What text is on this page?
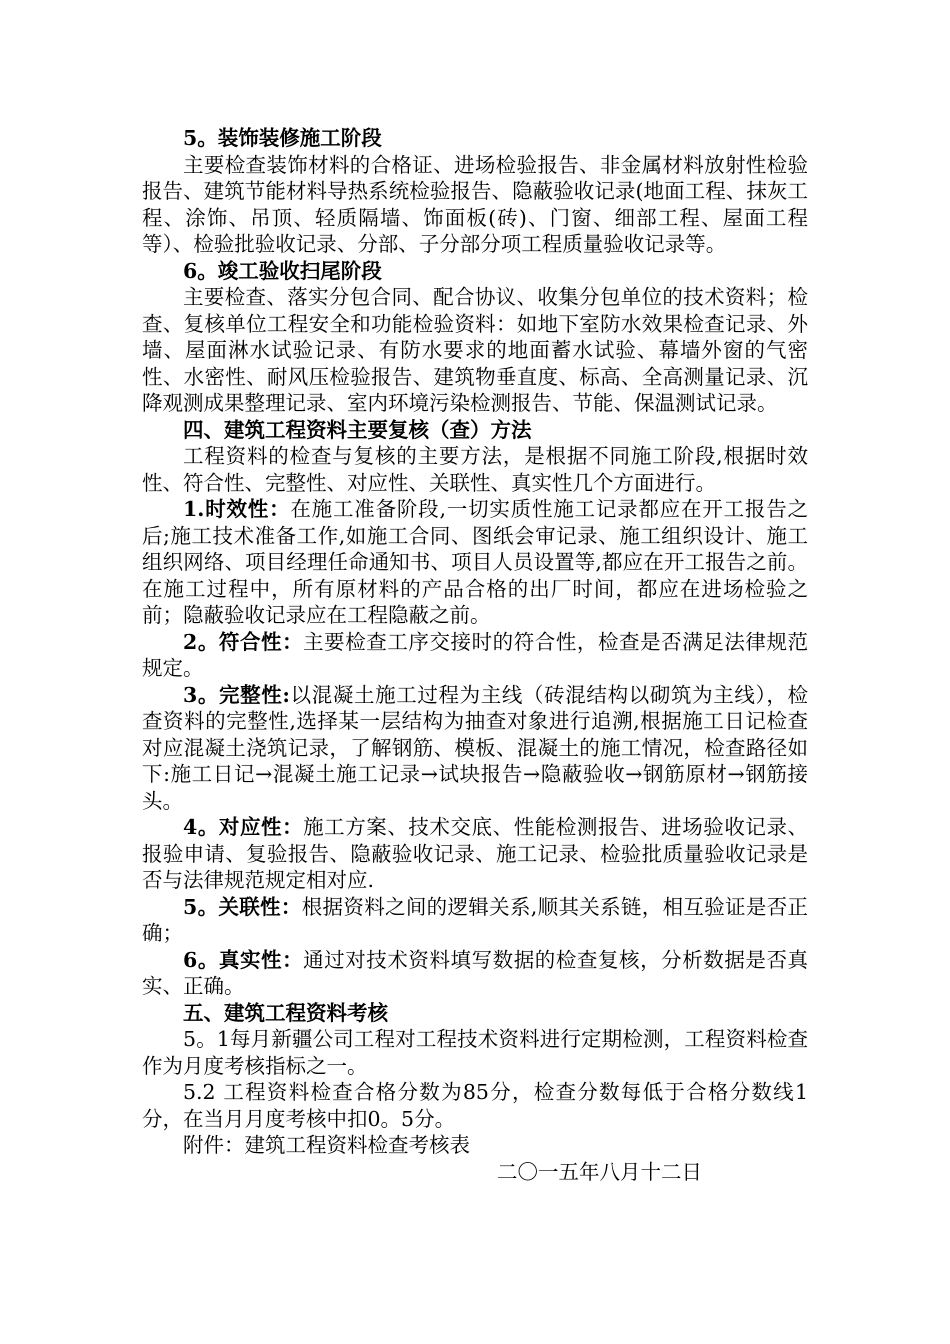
5。装饰装修施工阶段

主要检查装饰材料的合格证、进场检验报告、非金属材料放射性检验报告、建筑节能材料导热系统检验报告、隐蔽验收记录(地面工程、抹灰工程、涂饰、吊顶、轻质隔墙、饰面板(砖)、门窗、细部工程、屋面工程等）、检验批验收记录、分部、子分部分项工程质量验收记录等。

6。竣工验收扫尾阶段

主要检查、落实分包合同、配合协议、收集分包单位的技术资料；检查、复核单位工程安全和功能检验资料：如地下室防水效果检查记录、外墙、屋面淋水试验记录、有防水要求的地面蓄水试验、幕墙外窗的气密性、水密性、耐风压检验报告、建筑物垂直度、标高、全高测量记录、沉降观测成果整理记录、室内环境污染检测报告、节能、保温测试记录。

四、建筑工程资料主要复核（查）方法

工程资料的检查与复核的主要方法，是根据不同施工阶段,根据时效性、符合性、完整性、对应性、关联性、真实性几个方面进行。

1.时效性：在施工准备阶段,一切实质性施工记录都应在开工报告之后;施工技术准备工作,如施工合同、图纸会审记录、施工组织设计、施工组织网络、项目经理任命通知书、项目人员设置等,都应在开工报告之前。在施工过程中，所有原材料的产品合格的出厂时间，都应在进场检验之前；隐蔽验收记录应在工程隐蔽之前。

2。符合性：主要检查工序交接时的符合性，检查是否满足法律规范规定。

3。完整性:以混凝土施工过程为主线（砖混结构以砌筑为主线），检查资料的完整性,选择某一层结构为抽查对象进行追溯,根据施工日记检查对应混凝土浇筑记录，了解钢筋、模板、混凝土的施工情况，检查路径如下:施工日记→混凝土施工记录→试块报告→隐蔽验收→钢筋原材→钢筋接头。

4。对应性：施工方案、技术交底、性能检测报告、进场验收记录、报验申请、复验报告、隐蔽验收记录、施工记录、检验批质量验收记录是否与法律规范规定相对应.

5。关联性：根据资料之间的逻辑关系,顺其关系链，相互验证是否正确；

6。真实性：通过对技术资料填写数据的检查复核，分析数据是否真实、正确。

五、建筑工程资料考核

5。1每月新疆公司工程对工程技术资料进行定期检测，工程资料检查作为月度考核指标之一。

5.2 工程资料检查合格分数为85分，检查分数每低于合格分数线1分，在当月月度考核中扣0。5分。

附件：建筑工程资料检查考核表

二〇一五年八月十二日
